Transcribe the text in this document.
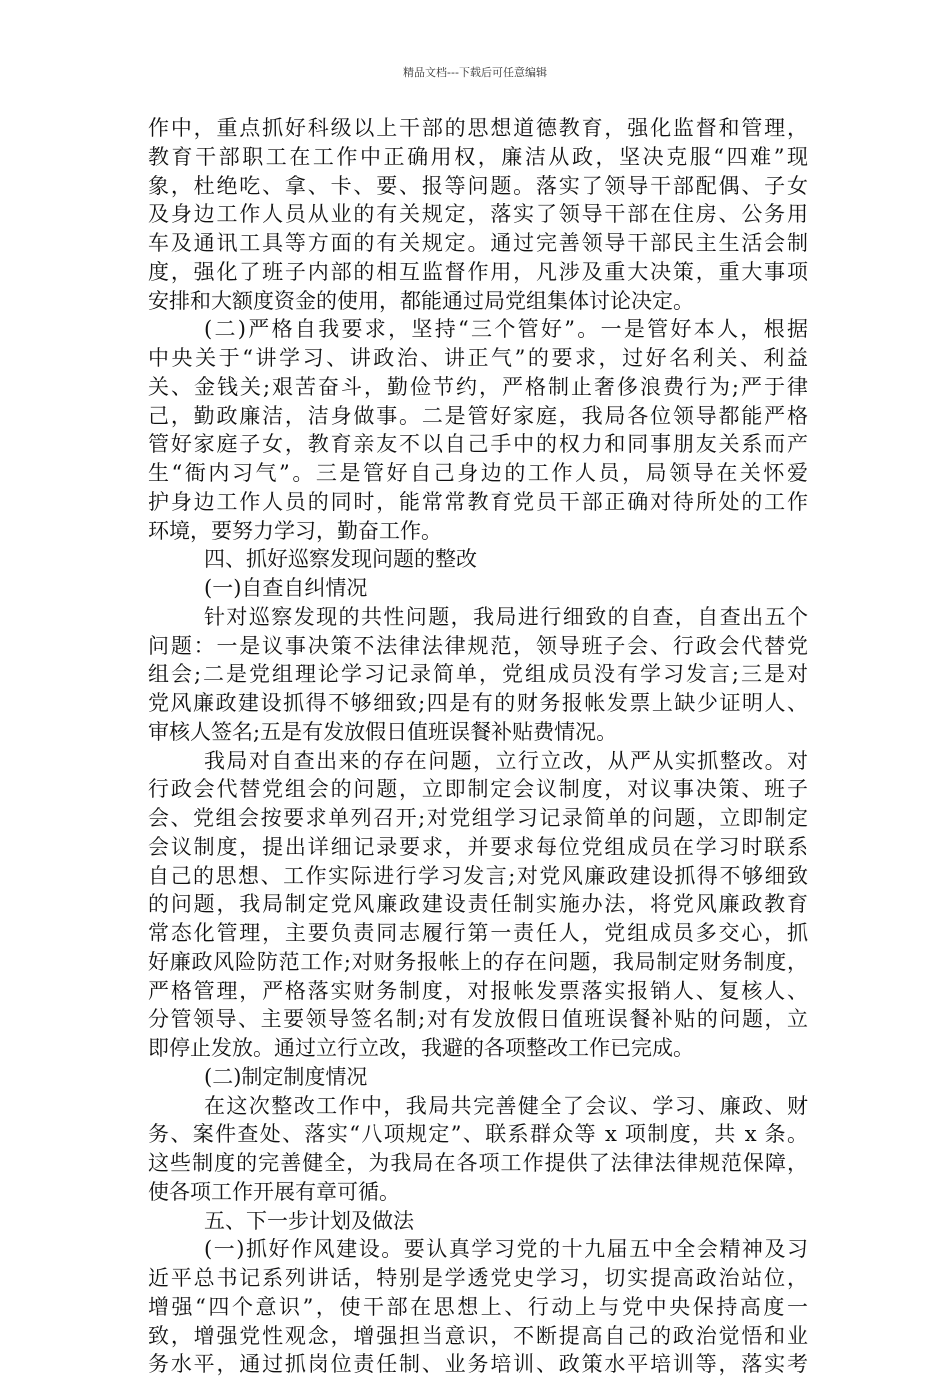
精品文档---下载后可任意编辑
作中，重点抓好科级以上干部的思想道德教育，强化监督和管理，
教育干部职工在工作中正确用权，廉洁从政，坚决克服“四难”现
象，杜绝吃、拿、卡、要、报等问题。落实了领导干部配偶、子女
及身边工作人员从业的有关规定，落实了领导干部在住房、公务用
车及通讯工具等方面的有关规定。通过完善领导干部民主生活会制
度，强化了班子内部的相互监督作用，凡涉及重大决策，重大事项
安排和大额度资金的使用，都能通过局党组集体讨论决定。
(二)严格自我要求，坚持“三个管好”。一是管好本人，根据
中央关于“讲学习、讲政治、讲正气”的要求，过好名利关、利益
关、金钱关;艰苦奋斗，勤俭节约，严格制止奢侈浪费行为;严于律
己，勤政廉洁，洁身做事。二是管好家庭，我局各位领导都能严格
管好家庭子女，教育亲友不以自己手中的权力和同事朋友关系而产
生“衙内习气”。三是管好自己身边的工作人员，局领导在关怀爱
护身边工作人员的同时，能常常教育党员干部正确对待所处的工作
环境，要努力学习，勤奋工作。
四、抓好巡察发现问题的整改
(一)自查自纠情况
针对巡察发现的共性问题，我局进行细致的自查，自查出五个
问题：一是议事决策不法律法律规范，领导班子会、行政会代替党
组会;二是党组理论学习记录简单，党组成员没有学习发言;三是对
党风廉政建设抓得不够细致;四是有的财务报帐发票上缺少证明人、
审核人签名;五是有发放假日值班误餐补贴费情况。
我局对自查出来的存在问题，立行立改，从严从实抓整改。对
行政会代替党组会的问题，立即制定会议制度，对议事决策、班子
会、党组会按要求单列召开;对党组学习记录简单的问题，立即制定
会议制度，提出详细记录要求，并要求每位党组成员在学习时联系
自己的思想、工作实际进行学习发言;对党风廉政建设抓得不够细致
的问题，我局制定党风廉政建设责任制实施办法，将党风廉政教育
常态化管理，主要负责同志履行第一责任人，党组成员多交心，抓
好廉政风险防范工作;对财务报帐上的存在问题，我局制定财务制度，
严格管理，严格落实财务制度，对报帐发票落实报销人、复核人、
分管领导、主要领导签名制;对有发放假日值班误餐补贴的问题，立
即停止发放。通过立行立改，我避的各项整改工作已完成。
(二)制定制度情况
在这次整改工作中，我局共完善健全了会议、学习、廉政、财
务、案件查处、落实“八项规定”、联系群众等 x 项制度，共 x 条。
这些制度的完善健全，为我局在各项工作提供了法律法律规范保障，
使各项工作开展有章可循。
五、下一步计划及做法
(一)抓好作风建设。要认真学习党的十九届五中全会精神及习
近平总书记系列讲话，特别是学透党史学习，切实提高政治站位，
增强“四个意识”，使干部在思想上、行动上与党中央保持高度一
致，增强党性观念，增强担当意识，不断提高自己的政治觉悟和业
务水平，通过抓岗位责任制、业务培训、政策水平培训等，落实考
